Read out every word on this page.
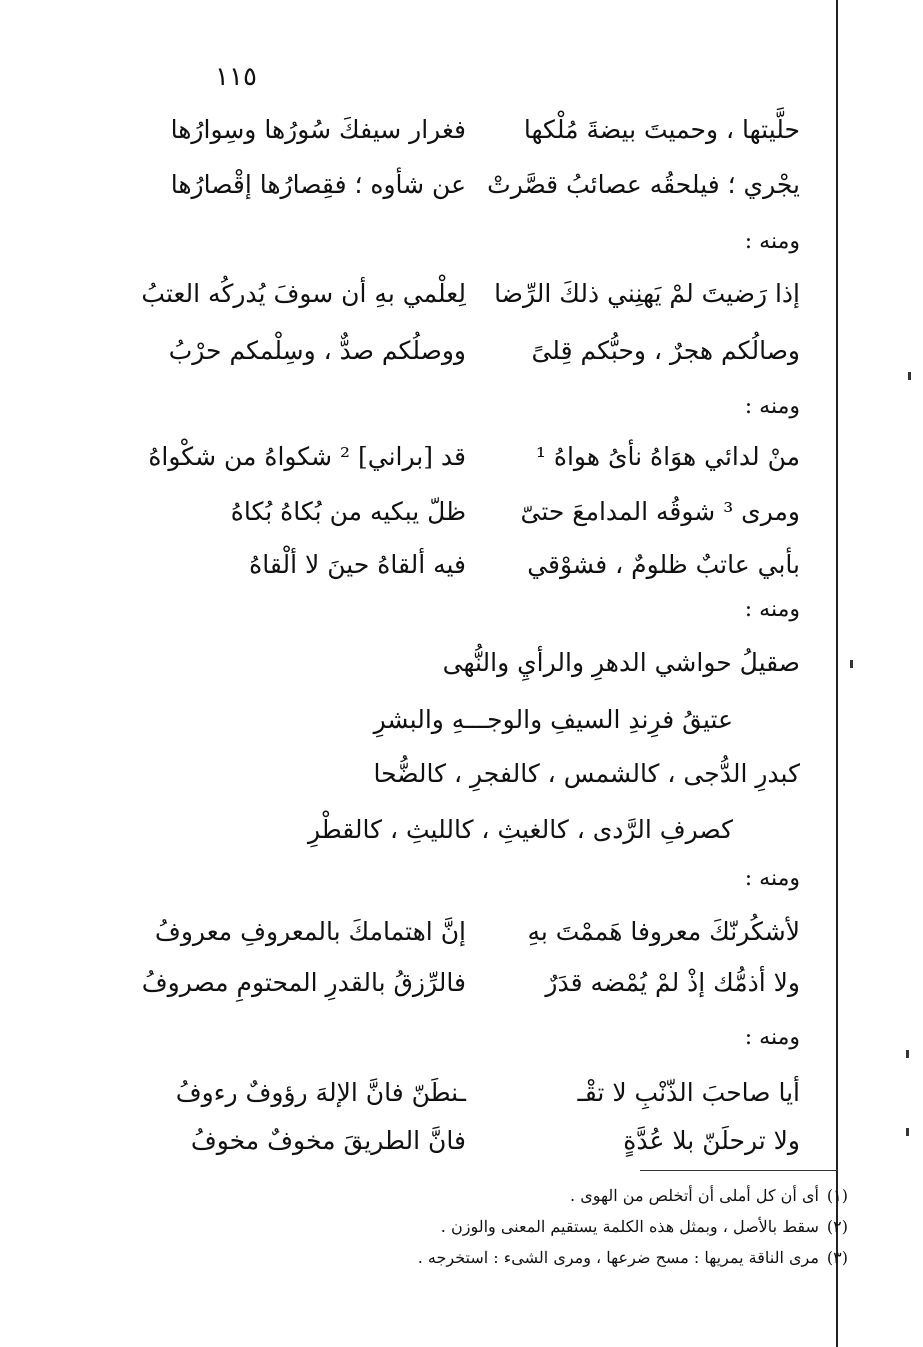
١١٥
حلَّيتها ، وحميتَ بيضةَ مُلْكها
فغرار سيفكَ سُورُها وسِوارُها
يجْري ؛ فيلحقُه عصائبُ قصَّرتْ
عن شأوه ؛ فقِصارُها إقْصارُها
ومنه :
إذا رَضيتَ لمْ يَهنِني ذلكَ الرِّضا
لِعلْمي بهِ أن سوفَ يُدركُه العتبُ
وصالُكم هجرٌ ، وحبُّكم قِلىً
ووصلُكم صدٌّ ، وسِلْمكم حرْبُ
ومنه :
منْ لدائي هوَاهُ نأىُ هواهُ ¹
قد [براني] ² شكواهُ من شكْواهُ
ومرى ³ شوقُه المدامعَ حتىّ
ظلّ يبكيه من بُكاهُ بُكاهُ
بأبي عاتبٌ ظلومٌ ، فشوْقي
فيه ألقاهُ حينَ لا ألْقاهُ
ومنه :
صقيلُ حواشي الدهرِ والرأيِ والنُّهى
عتيقُ فرِندِ السيفِ والوجـــهِ والبشرِ
كبدرِ الدُّجى ، كالشمس ، كالفجرِ ، كالضُّحا
كصرفِ الرَّدى ، كالغيثِ ، كالليثِ ، كالقطْرِ
ومنه :
لأشكُرنّكَ معروفا هَممْتَ بهِ
إنَّ اهتمامكَ بالمعروفِ معروفُ
ولا أذمُّك إذْ لمْ يُمْضه قدَرٌ
فالرِّزقُ بالقدرِ المحتومِ مصروفُ
ومنه :
أيا صاحبَ الذّنْبِ لا تقْـ
ـنطَنّ فانَّ الإلهَ رؤوفٌ رءوفُ
ولا ترحلَنّ بلا عُدَّةٍ
فانَّ الطريقَ مخوفٌ مخوفُ
(١)أى أن كل أملى أن أتخلص من الهوى .
(٢)سقط بالأصل ، وبمثل هذه الكلمة يستقيم المعنى والوزن .
(٣)مرى الناقة يمريها : مسح ضرعها ، ومرى الشىء : استخرجه .
